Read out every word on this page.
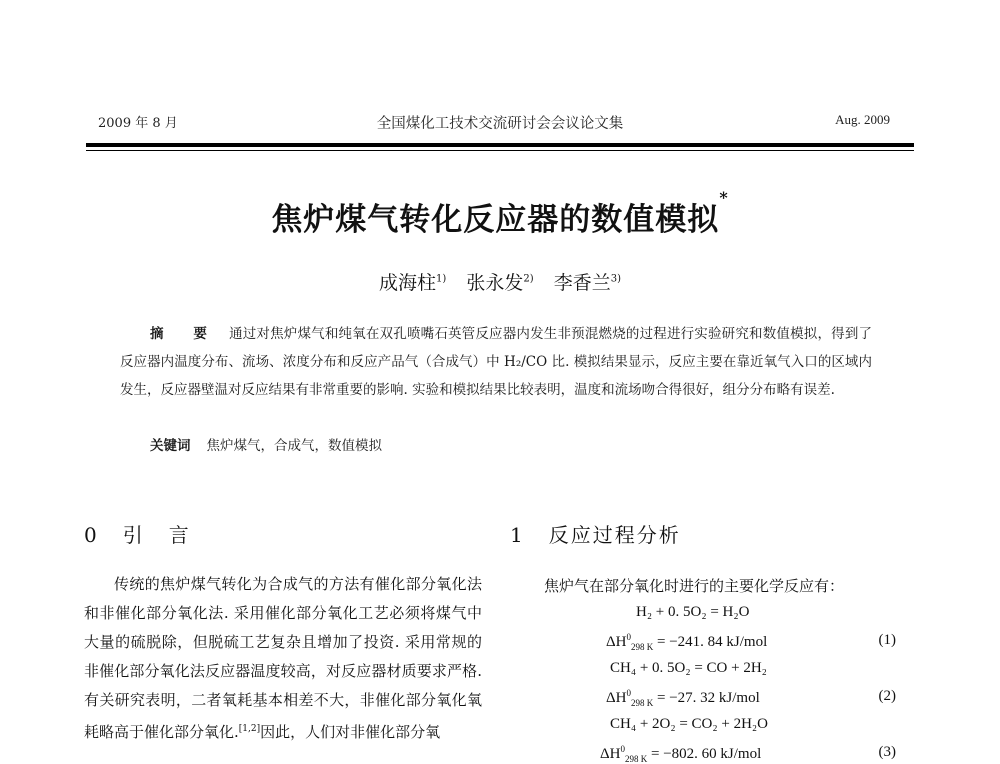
2009 年 8 月	全国煤化工技术交流研讨会会议论文集	Aug. 2009
焦炉煤气转化反应器的数值模拟*
成海柱$^{1)}$ 张永发$^{2)}$ 李香兰$^{3)}$

摘　要 通过对焦炉煤气和纯氧在双孔喷嘴石英管反应器内发生非预混燃烧的过程进行实验研究和数值模拟，得到了反应器内温度分布、流场、浓度分布和反应产品气（合成气）中 H₂/CO 比. 模拟结果显示，反应主要在靠近氧气入口的区域内发生，反应器壁温对反应结果有非常重要的影响. 实验和模拟结果比较表明，温度和流场吻合得很好，组分分布略有误差.

关键词 焦炉煤气，合成气，数值模拟
0 引言

传统的焦炉煤气转化为合成气的方法有催化部分氧化法和非催化部分氧化法. 采用催化部分氧化工艺必须将煤气中大量的硫脱除，但脱硫工艺复杂且增加了投资. 采用常规的非催化部分氧化法反应器温度较高，对反应器材质要求严格. 有关研究表明，二者氧耗基本相差不大，非催化部分氧化氧耗略高于催化部分氧化.[1,2]因此，人们对非催化部分氧

1 反应过程分析
焦炉气在部分氧化时进行的主要化学反应有：
H₂ + 0. 5O₂ = H₂O
$\Delta H^0_{298 K} = -241$. 84 kJ/mol	(1)
CH₄ + 0. 5O₂ = CO + 2H₂
$\Delta H^0_{298 K} = -27$. 32 kJ/mol	(2)
CH₄ + 2O₂ = CO₂ + 2H₂O
$\Delta H^0_{298 K} = -802$. 60 kJ/mol	(3)
